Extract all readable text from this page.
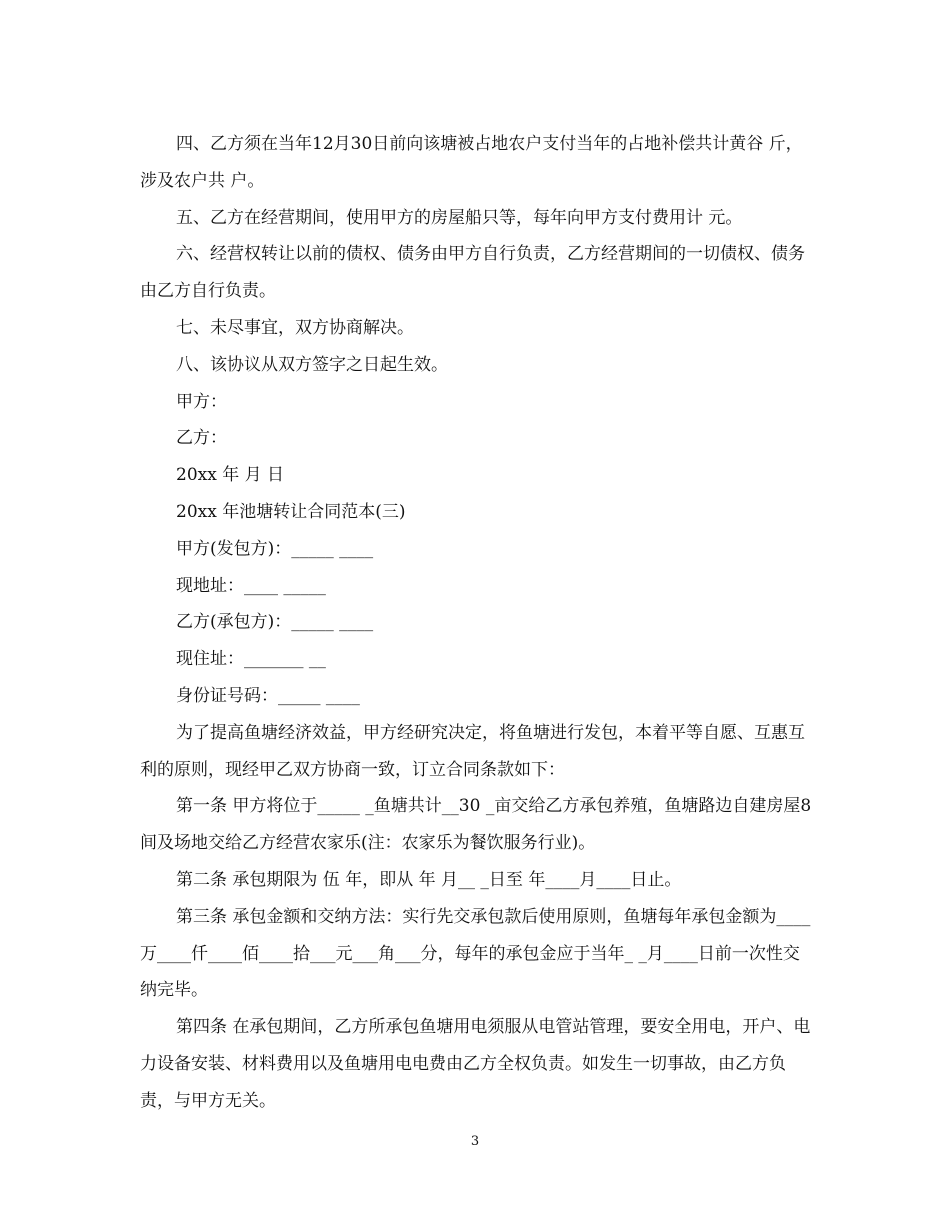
四、乙方须在当年12月30日前向该塘被占地农户支付当年的占地补偿共计黄谷 斤，涉及农户共 户。

五、乙方在经营期间，使用甲方的房屋船只等，每年向甲方支付费用计 元。

六、经营权转让以前的债权、债务由甲方自行负责，乙方经营期间的一切债权、债务由乙方自行负责。

七、未尽事宜，双方协商解决。

八、该协议从双方签字之日起生效。

甲方：

乙方：

20xx 年 月 日

20xx 年池塘转让合同范本(三)

甲方(发包方)：_____ ____

现地址：____ _____

乙方(承包方)：_____ ____

现住址：_______ __

身份证号码：_____ ____

为了提高鱼塘经济效益，甲方经研究决定，将鱼塘进行发包，本着平等自愿、互惠互利的原则，现经甲乙双方协商一致，订立合同条款如下：

第一条 甲方将位于_____ _鱼塘共计__30 _亩交给乙方承包养殖，鱼塘路边自建房屋8 间及场地交给乙方经营农家乐(注：农家乐为餐饮服务行业)。

第二条 承包期限为 伍 年，即从 年 月__ _日至 年____月____日止。

第三条 承包金额和交纳方法：实行先交承包款后使用原则，鱼塘每年承包金额为____万____仟____佰____拾___元___角___分，每年的承包金应于当年_ _月____日前一次性交纳完毕。

第四条 在承包期间，乙方所承包鱼塘用电须服从电管站管理，要安全用电，开户、电力设备安装、材料费用以及鱼塘用电电费由乙方全权负责。如发生一切事故，由乙方负责，与甲方无关。

3
